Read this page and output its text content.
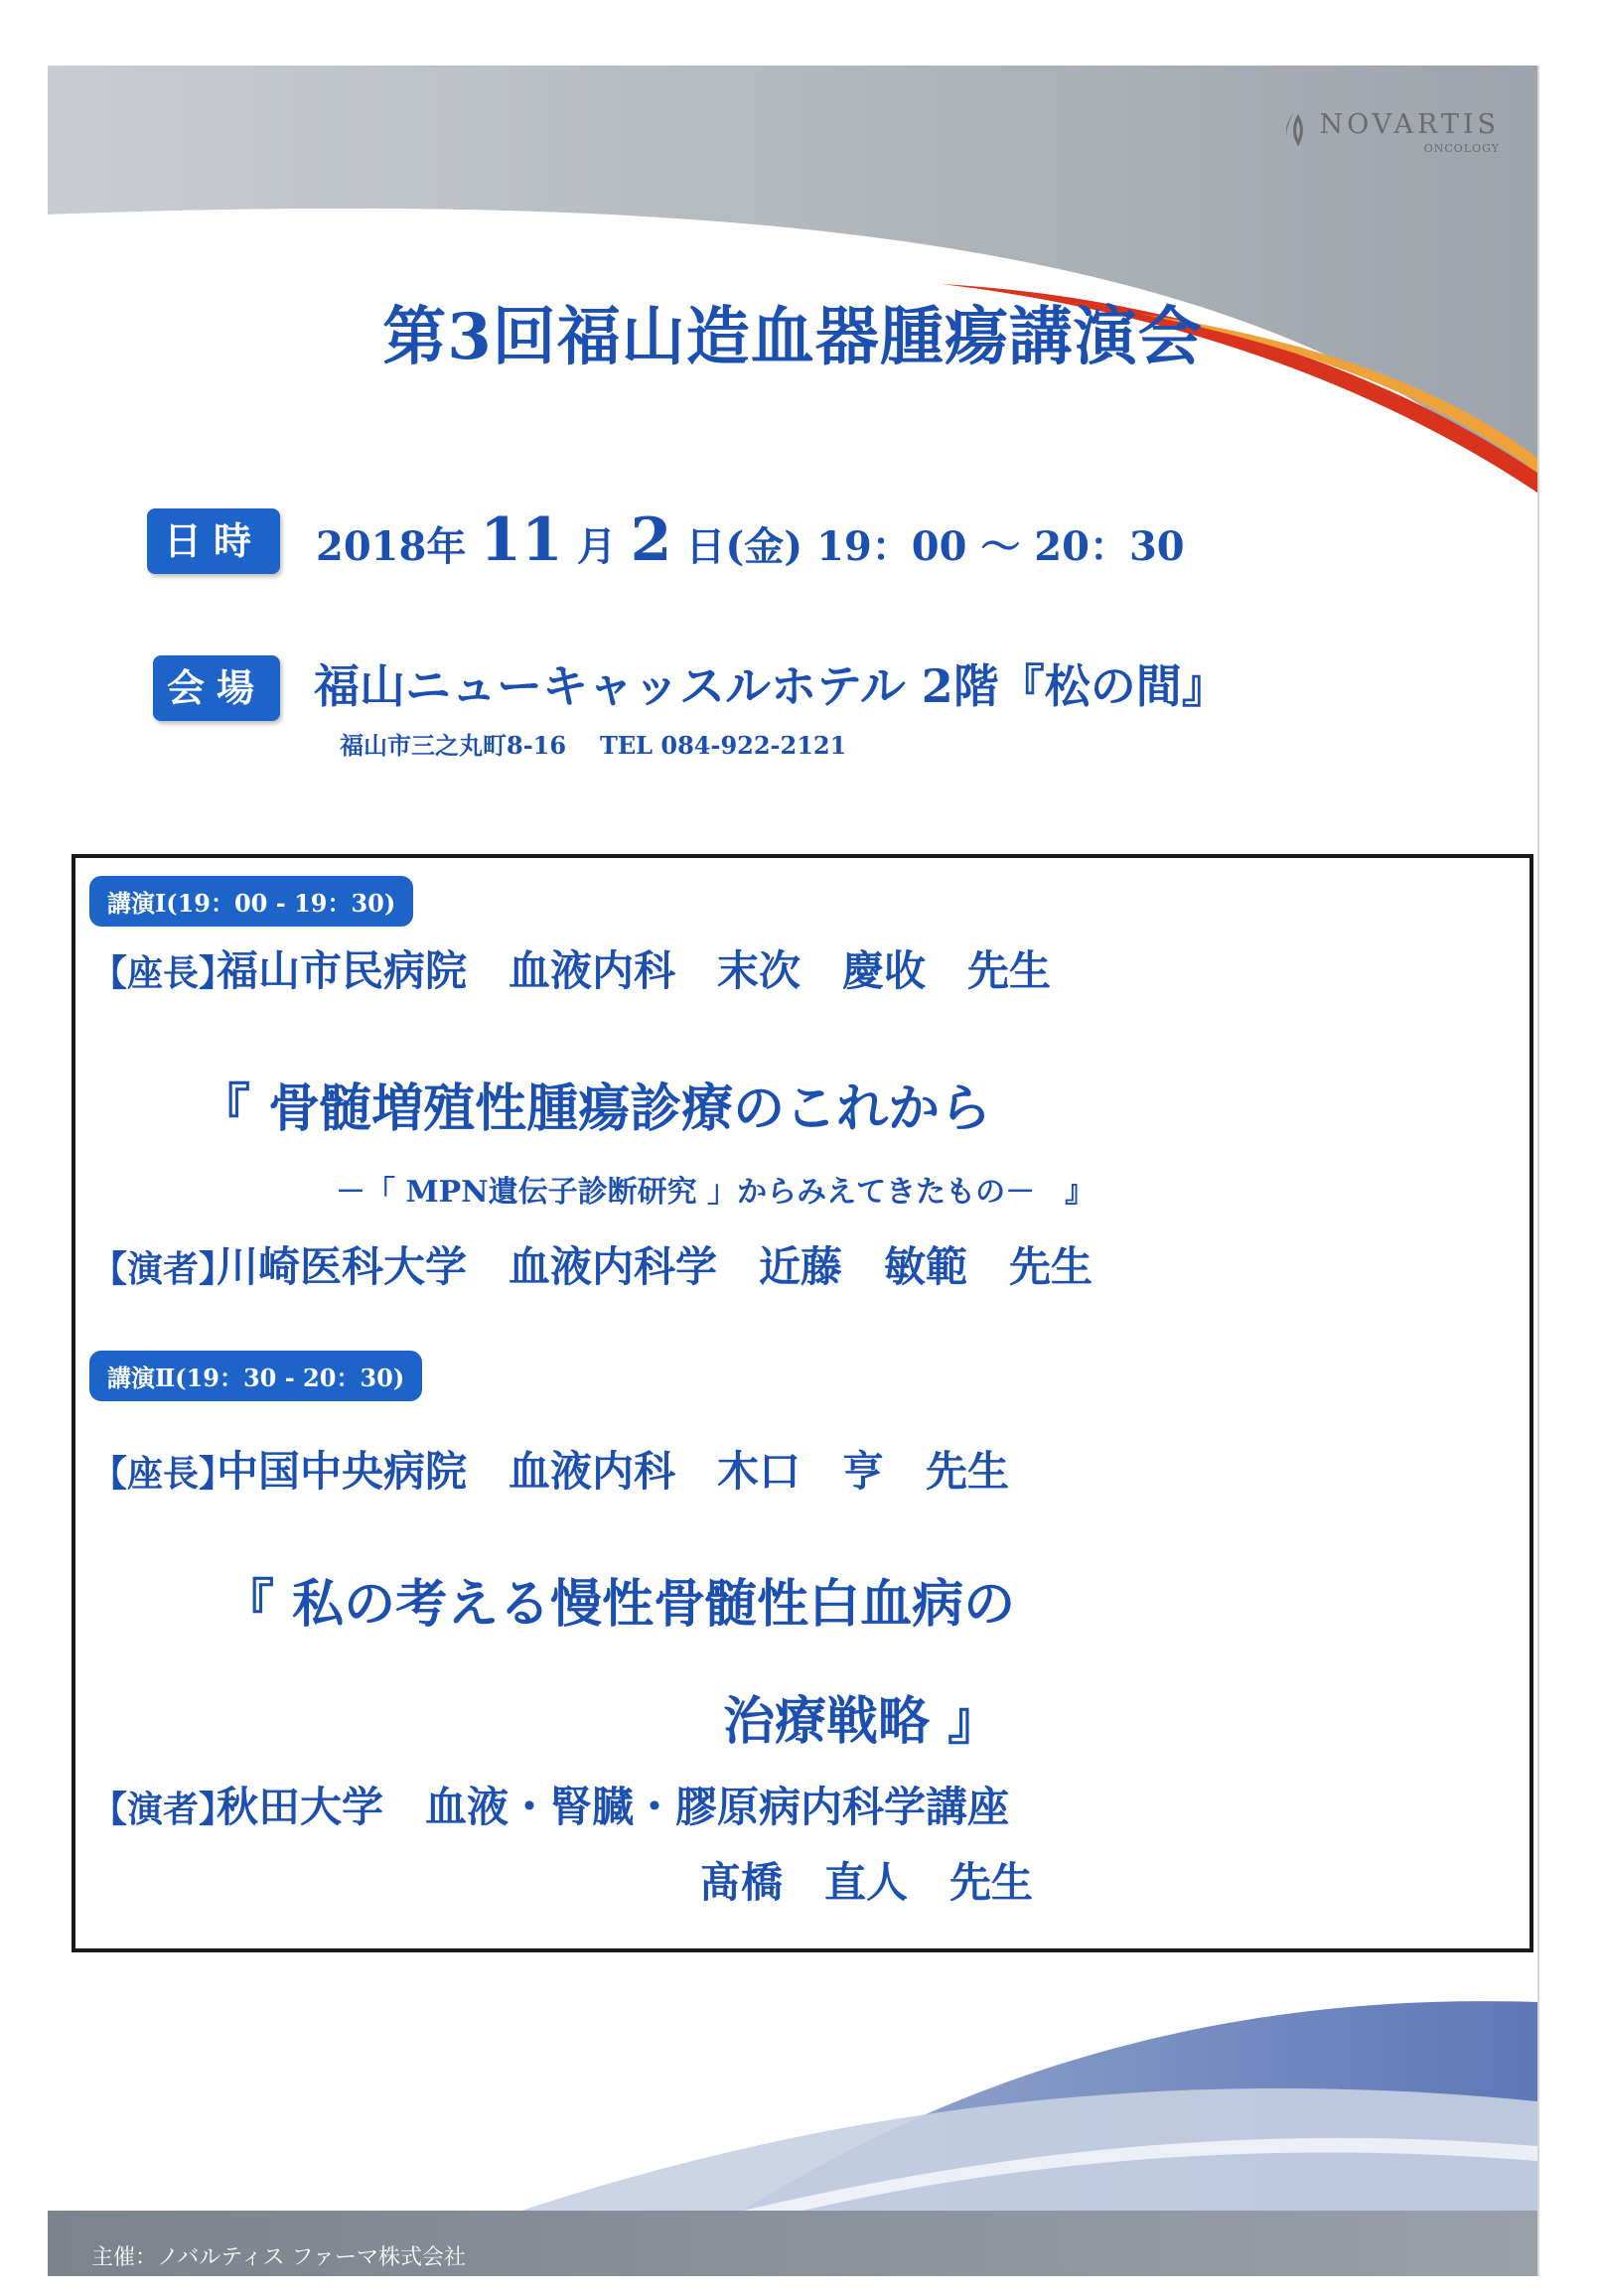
NOVARTIS
ONCOLOGY
第3回福山造血器腫瘍講演会
日時	2018年 11 月 2 日(金) 19：00 ～ 20：30
会場	福山ニューキャッスルホテル 2階『松の間』
福山市三之丸町8-16 TEL 084-922-2121
講演Ⅰ(19：00 - 19：30)
【座長】
福山市民病院　血液内科　末次　慶收　先生
『 骨髄増殖性腫瘍診療のこれから
－「 MPN遺伝子診断研究 」からみえてきたもの－　』
【演者】
川崎医科大学　血液内科学　近藤　敏範　先生
講演Ⅱ(19：30 - 20：30)
【座長】
中国中央病院　血液内科　木口　亨　先生
『 私の考える慢性骨髄性白血病の
治療戦略 』
【演者】
秋田大学　血液・腎臓・膠原病内科学講座
髙橋　直人　先生
主催：ノバルティス ファーマ株式会社
